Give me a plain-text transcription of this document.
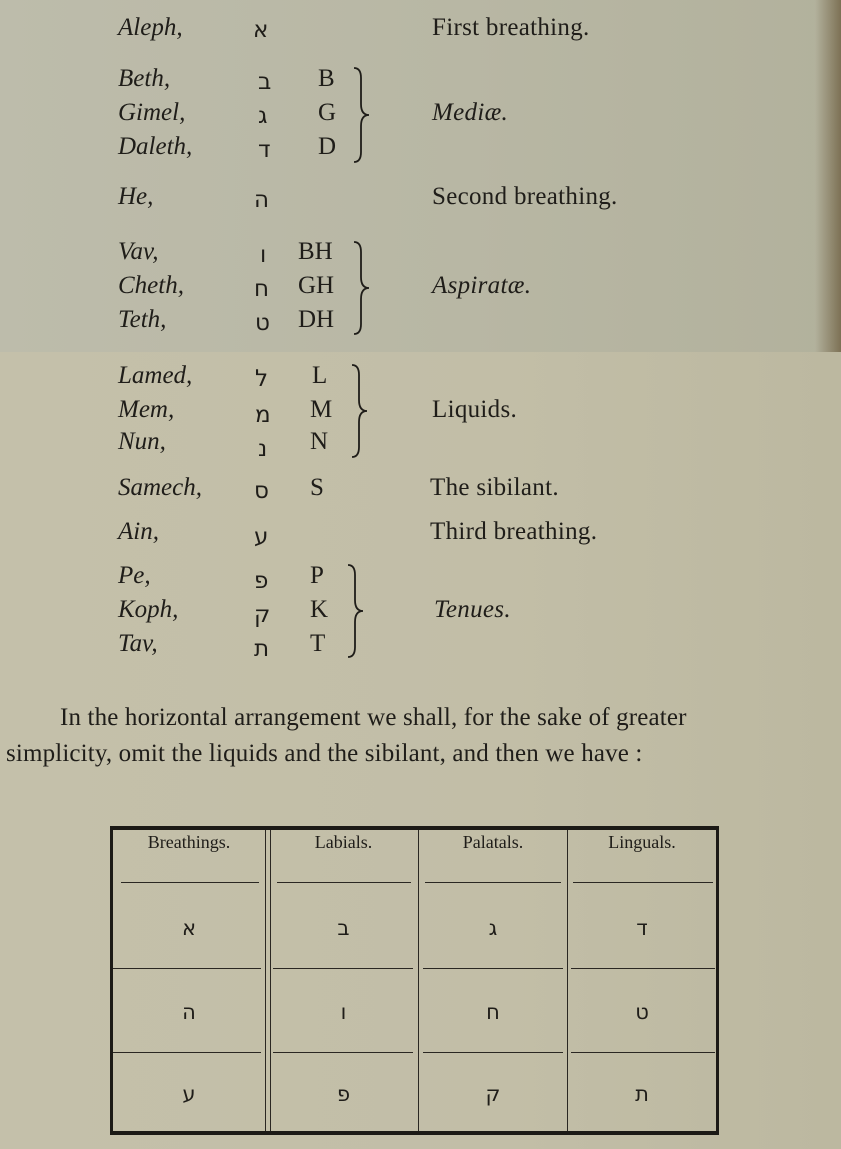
Aleph,	א	First breathing.
Beth,	ב B
Gimel,	ג G
Daleth,	ד D
Mediæ.
He,	ה	Second breathing.
Vav,	ו BH
Cheth,	ח GH
Teth,	ט DH
Aspiratæ.
Lamed,	ל L
Mem,	מ M
Nun,	נ N
Liquids.
Samech, ס S	The sibilant.
Ain,	ע	Third breathing.
Pe,	פ P
Koph,	ק K
Tav,	ת T
Tenues.
In the horizontal arrangement we shall, for the sake of greater
simplicity, omit the liquids and the sibilant, and then we have :
Breathings.	Labials.	Palatals.	Linguals.
א	ב	ג	ד
ה	ו	ח	ט
ע	פ	ק	ת
